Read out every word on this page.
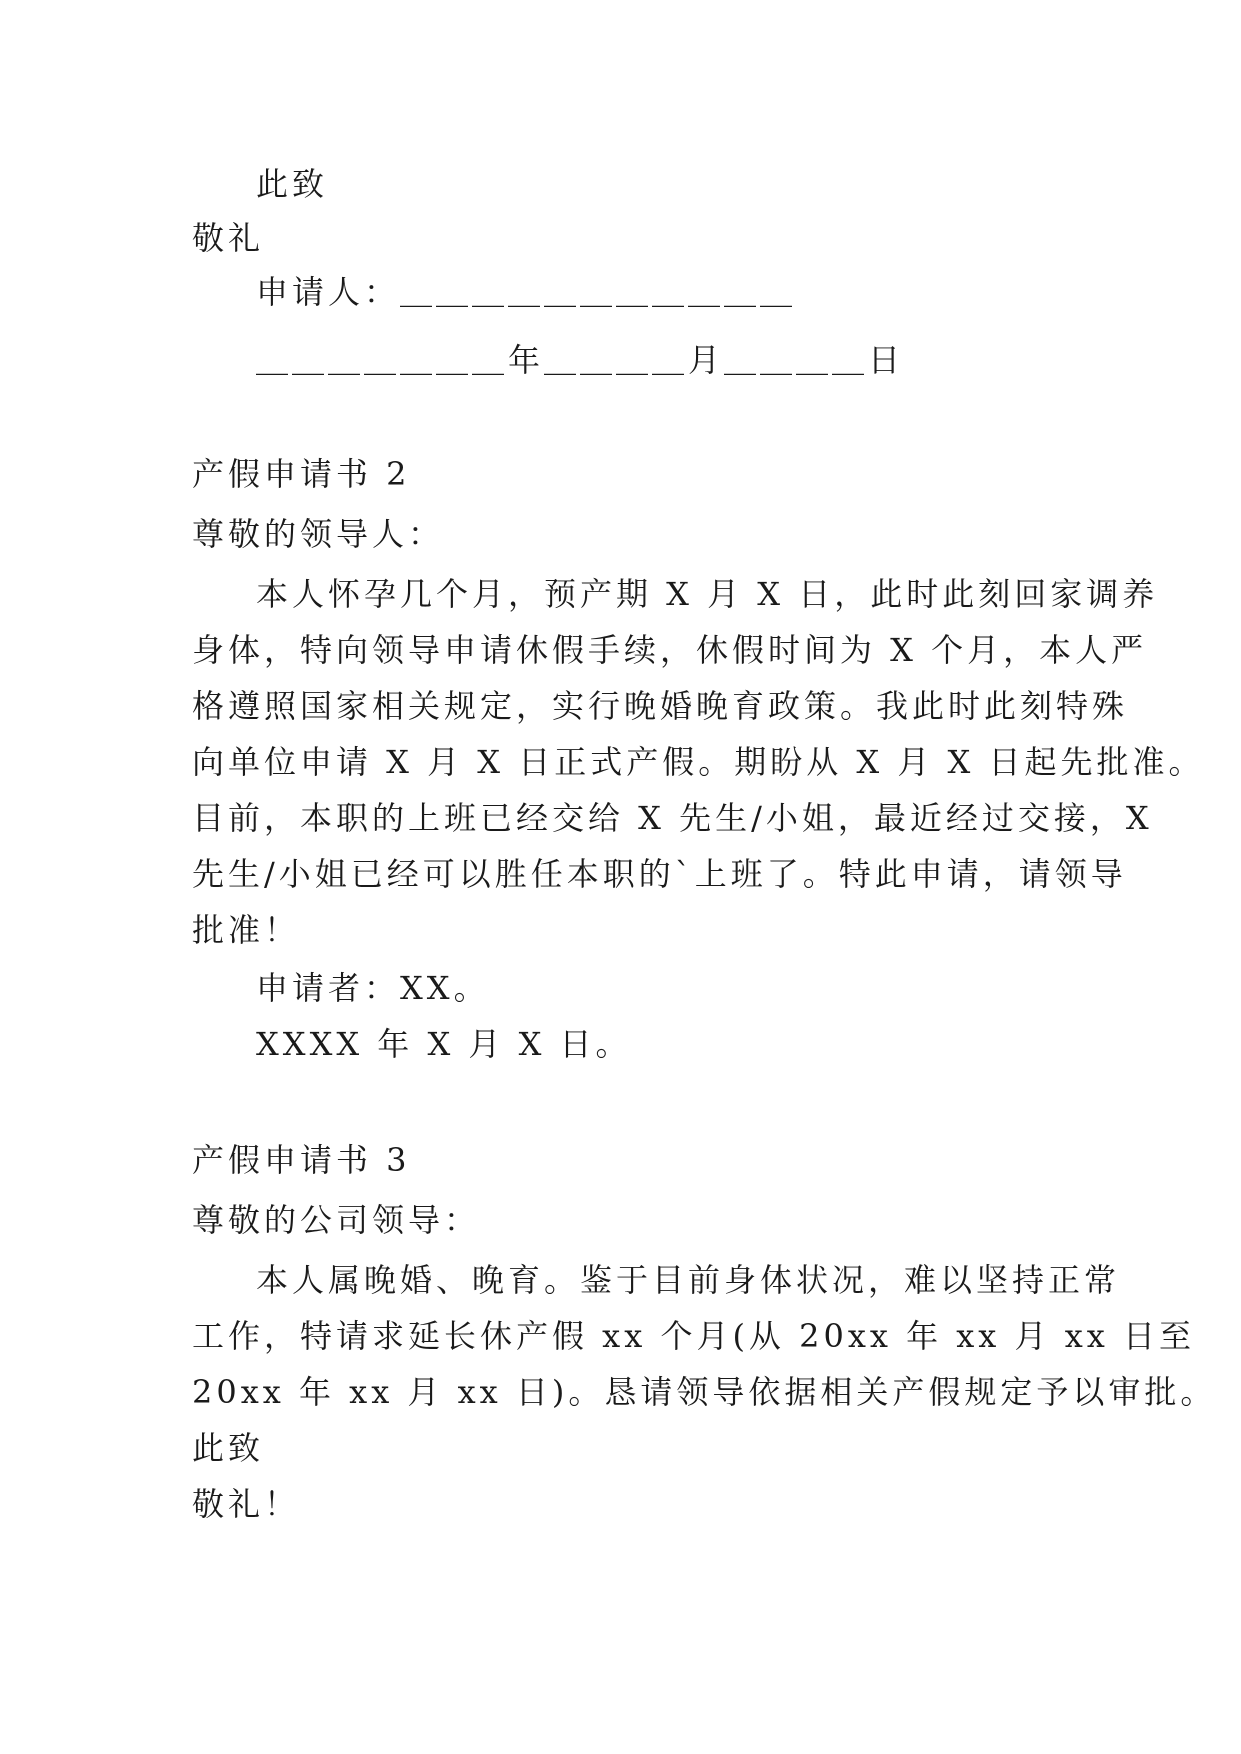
此致
敬礼
申请人：＿＿＿＿＿＿＿＿＿＿＿
＿＿＿＿＿＿＿年＿＿＿＿月＿＿＿＿日
产假申请书 2
尊敬的领导人：
本人怀孕几个月，预产期 X 月 X 日，此时此刻回家调养
身体，特向领导申请休假手续，休假时间为 X 个月，本人严
格遵照国家相关规定，实行晚婚晚育政策。我此时此刻特殊
向单位申请 X 月 X 日正式产假。期盼从 X 月 X 日起先批准。
目前，本职的上班已经交给 X 先生/小姐，最近经过交接，X
先生/小姐已经可以胜任本职的`上班了。特此申请，请领导
批准！
申请者：XX。
XXXX 年 X 月 X 日。
产假申请书 3
尊敬的公司领导：
本人属晚婚、晚育。鉴于目前身体状况，难以坚持正常
工作，特请求延长休产假 xx 个月(从 20xx 年 xx 月 xx 日至
20xx 年 xx 月 xx 日)。恳请领导依据相关产假规定予以审批。
此致
敬礼！
